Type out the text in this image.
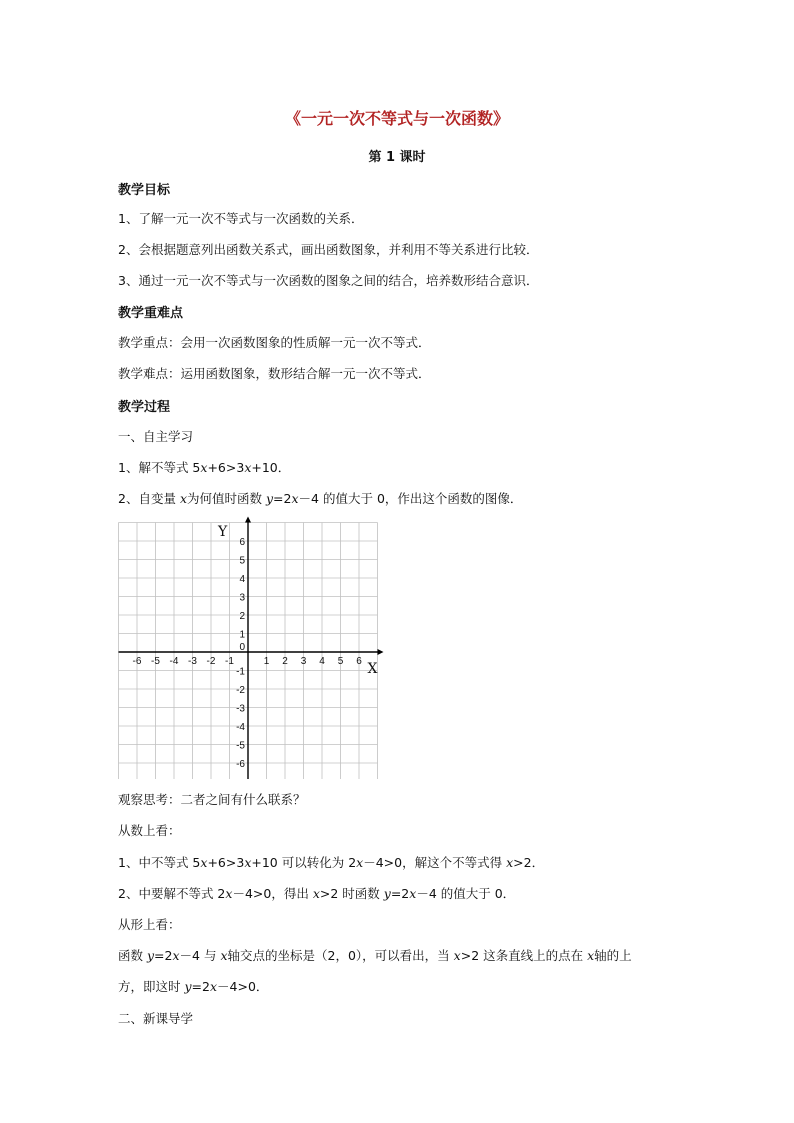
《一元一次不等式与一次函数》
第 1 课时
教学目标
1、了解一元一次不等式与一次函数的关系．
2、会根据题意列出函数关系式，画出函数图象，并利用不等关系进行比较．
3、通过一元一次不等式与一次函数的图象之间的结合，培养数形结合意识．
教学重难点
教学重点：会用一次函数图象的性质解一元一次不等式．
教学难点：运用函数图象，数形结合解一元一次不等式．
教学过程
一、自主学习
1、解不等式 5x+6>3x+10．
2、自变量 x为何值时函数 y=2x－4 的值大于 0，作出这个函数的图像．
-6 -5 -4 -3 -2 -1	1 2 3 4 5 6
6
5
4
3
2
1
0
-1
-2
-3
-4
-5
-6
X
Y
观察思考：二者之间有什么联系？
从数上看：
1、中不等式 5x+6>3x+10 可以转化为 2x－4>0，解这个不等式得 x>2．
2、中要解不等式 2x－4>0，得出 x>2 时函数 y=2x－4 的值大于 0．
从形上看：
函数 y=2x－4 与 x轴交点的坐标是（2，0），可以看出，当 x>2 这条直线上的点在 x轴的上
方，即这时 y=2x－4>0．
二、新课导学
